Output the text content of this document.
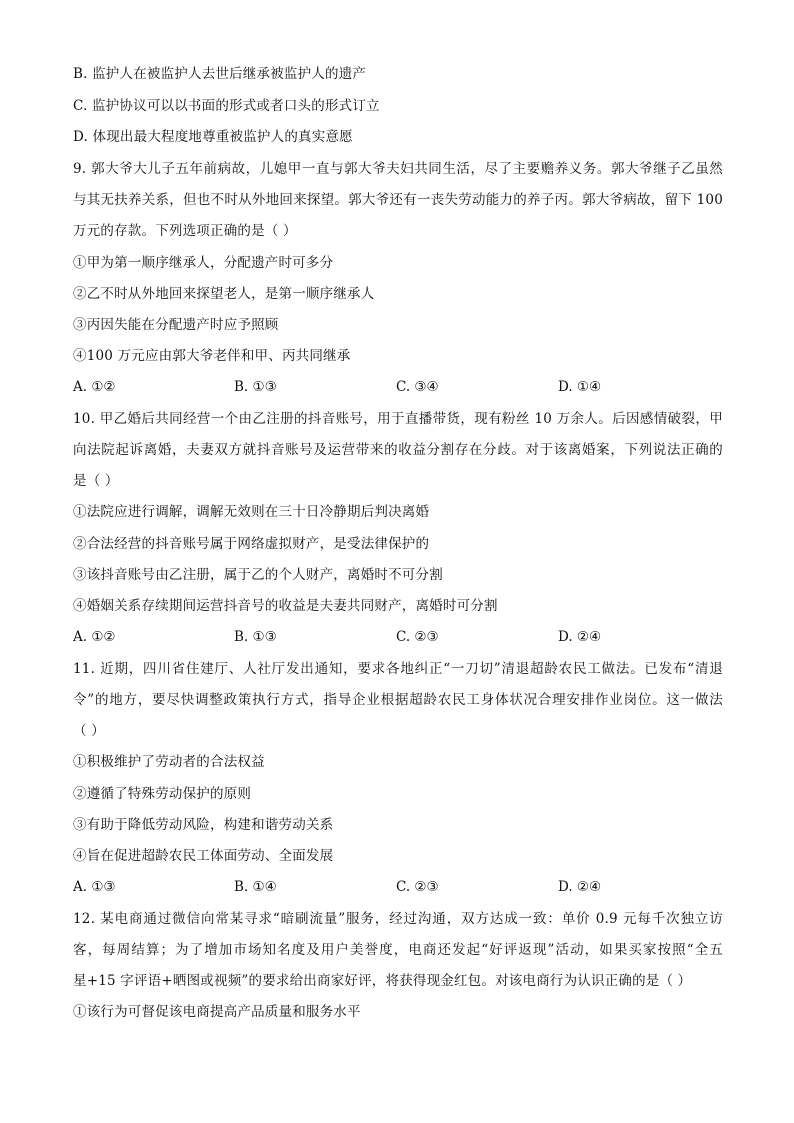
B. 监护人在被监护人去世后继承被监护人的遗产
C. 监护协议可以以书面的形式或者口头的形式订立
D. 体现出最大程度地尊重被监护人的真实意愿
9. 郭大爷大儿子五年前病故，儿媳甲一直与郭大爷夫妇共同生活，尽了主要赡养义务。郭大爷继子乙虽然
与其无扶养关系，但也不时从外地回来探望。郭大爷还有一丧失劳动能力的养子丙。郭大爷病故，留下 100
万元的存款。下列选项正确的是（ ）
①甲为第一顺序继承人，分配遗产时可多分
②乙不时从外地回来探望老人，是第一顺序继承人
③丙因失能在分配遗产时应予照顾
④100 万元应由郭大爷老伴和甲、丙共同继承
A. ①②	B. ①③	C. ③④	D. ①④
10. 甲乙婚后共同经营一个由乙注册的抖音账号，用于直播带货，现有粉丝 10 万余人。后因感情破裂，甲
向法院起诉离婚，夫妻双方就抖音账号及运营带来的收益分割存在分歧。对于该离婚案，下列说法正确的
是（ ）
①法院应进行调解，调解无效则在三十日冷静期后判决离婚
②合法经营的抖音账号属于网络虚拟财产，是受法律保护的
③该抖音账号由乙注册，属于乙的个人财产，离婚时不可分割
④婚姻关系存续期间运营抖音号的收益是夫妻共同财产，离婚时可分割
A. ①②	B. ①③	C. ②③	D. ②④
11. 近期，四川省住建厅、人社厅发出通知，要求各地纠正“一刀切”清退超龄农民工做法。已发布“清退
令”的地方，要尽快调整政策执行方式，指导企业根据超龄农民工身体状况合理安排作业岗位。这一做法
（ ）
①积极维护了劳动者的合法权益
②遵循了特殊劳动保护的原则
③有助于降低劳动风险，构建和谐劳动关系
④旨在促进超龄农民工体面劳动、全面发展
A. ①③	B. ①④	C. ②③	D. ②④
12. 某电商通过微信向常某寻求“暗刷流量”服务，经过沟通，双方达成一致：单价 0.9 元每千次独立访
客，每周结算；为了增加市场知名度及用户美誉度，电商还发起“好评返现”活动，如果买家按照“全五
星+15 字评语+晒图或视频”的要求给出商家好评，将获得现金红包。对该电商行为认识正确的是（ ）
①该行为可督促该电商提高产品质量和服务水平
